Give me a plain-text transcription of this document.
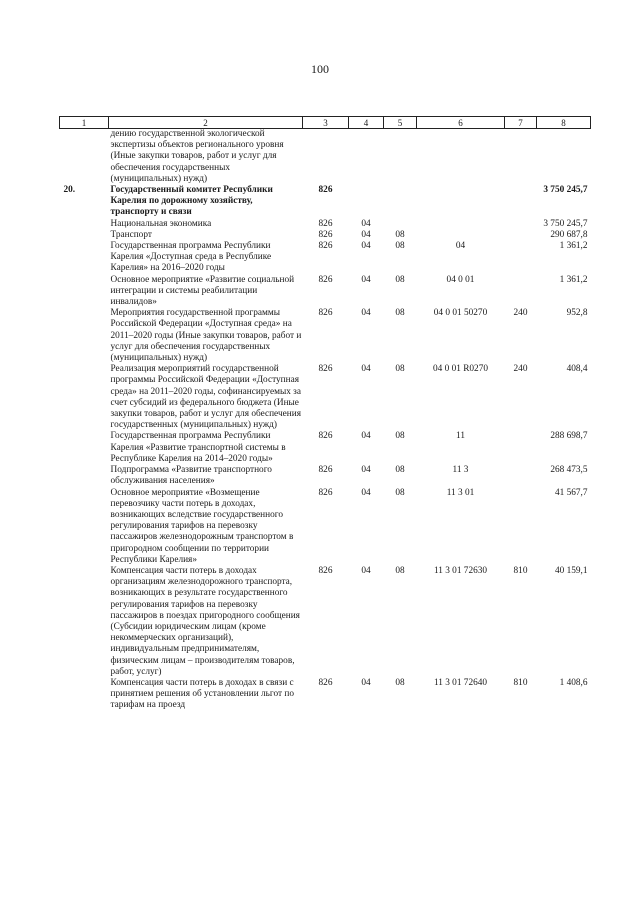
100
1	2	3	4	5	6	7	8
	дению государственной экологической экспертизы объектов регионального уровня (Иные закупки товаров, работ и услуг для обеспечения государственных (муниципальных) нужд)						
20.	Государственный комитет Республики Карелия по дорожному хозяйству, транспорту и связи	826					3 750 245,7
	Национальная экономика	826	04				3 750 245,7
	Транспорт	826	04	08			290 687,8
	Государственная программа Республики Карелия «Доступная среда в Республике Карелия» на 2016–2020 годы	826	04	08	04		1 361,2
	Основное мероприятие «Развитие социальной интеграции и системы реабилитации инвалидов»	826	04	08	04 0 01		1 361,2
	Мероприятия государственной программы Российской Федерации «Доступная среда» на 2011–2020 годы (Иные закупки товаров, работ и услуг для обеспечения государственных (муниципальных) нужд)	826	04	08	04 0 01 50270	240	952,8
	Реализация мероприятий государственной программы Российской Федерации «Доступная среда» на 2011–2020 годы, софинансируемых за счет субсидий из федерального бюджета (Иные закупки товаров, работ и услуг для обеспечения государственных (муниципальных) нужд)	826	04	08	04 0 01 R0270	240	408,4
	Государственная программа Республики Карелия «Развитие транспортной системы в Республике Карелия на 2014–2020 годы»	826	04	08	11		288 698,7
	Подпрограмма «Развитие транспортного обслуживания населения»	826	04	08	11 3		268 473,5
	Основное мероприятие «Возмещение перевозчику части потерь в доходах, возникающих вследствие государственного регулирования тарифов на перевозку пассажиров железнодорожным транспортом в пригородном сообщении по территории Республики Карелия»	826	04	08	11 3 01		41 567,7
	Компенсация части потерь в доходах организациям железнодорожного транспорта, возникающих в результате государственного регулирования тарифов на перевозку пассажиров в поездах пригородного сообщения (Субсидии юридическим лицам (кроме некоммерческих организаций), индивидуальным предпринимателям, физическим лицам – производителям товаров, работ, услуг)	826	04	08	11 3 01 72630	810	40 159,1
	Компенсация части потерь в доходах в связи с принятием решения об установлении льгот по тарифам на проезд	826	04	08	11 3 01 72640	810	1 408,6
